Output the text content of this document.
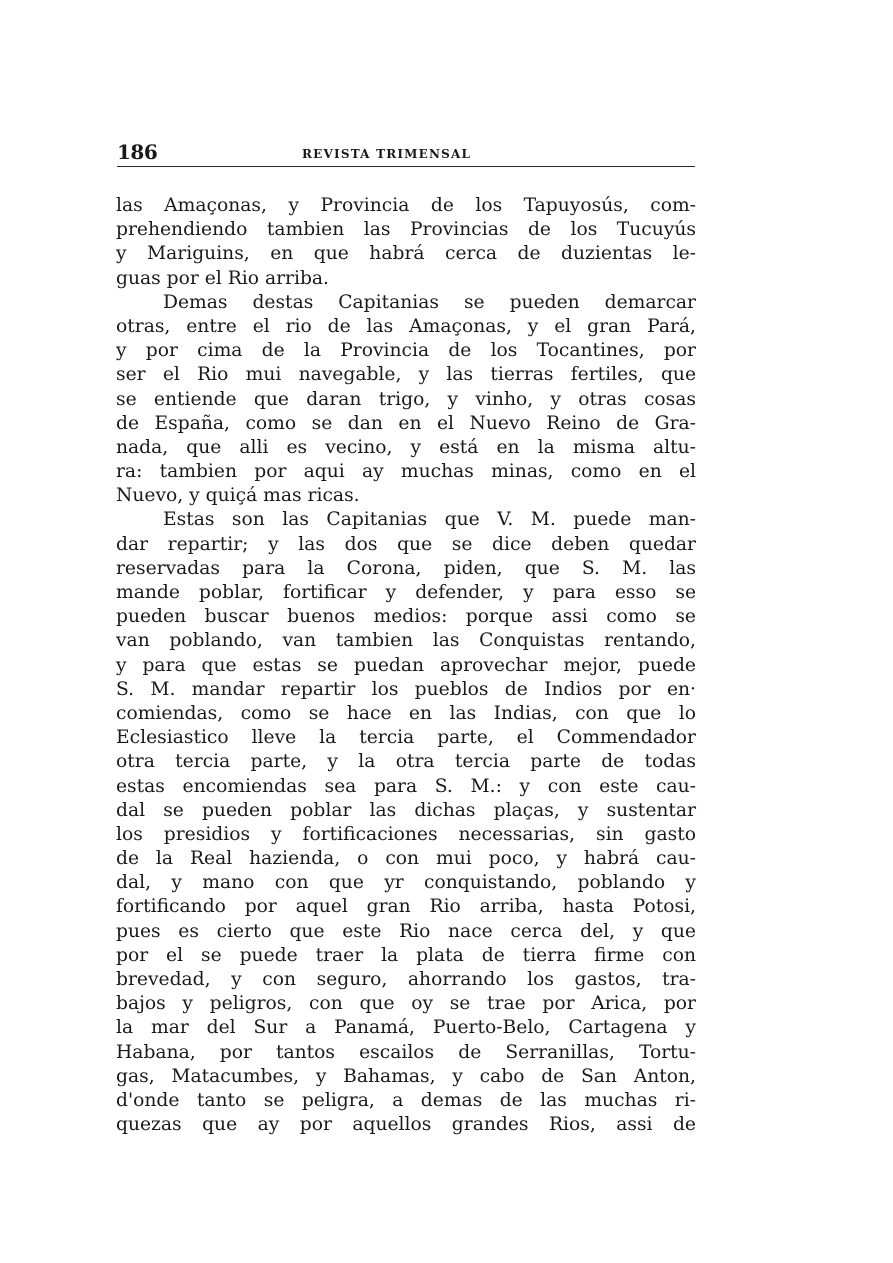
186	REVISTA TRIMENSAL
las Amaçonas, y Provincia de los Tapuyosús, com-
prehendiendo tambien las Provincias de los Tucuyús
y Mariguins, en que habrá cerca de duzientas le-
guas por el Rio arriba.
Demas destas Capitanias se pueden demarcar
otras, entre el rio de las Amaçonas, y el gran Pará,
y por cima de la Provincia de los Tocantines, por
ser el Rio mui navegable, y las tierras fertiles, que
se entiende que daran trigo, y vinho, y otras cosas
de España, como se dan en el Nuevo Reino de Gra-
nada, que alli es vecino, y está en la misma altu-
ra: tambien por aqui ay muchas minas, como en el
Nuevo, y quiçá mas ricas.
Estas son las Capitanias que V. M. puede man-
dar repartir; y las dos que se dice deben quedar
reservadas para la Corona, piden, que S. M. las
mande poblar, fortificar y defender, y para esso se
pueden buscar buenos medios: porque assi como se
van poblando, van tambien las Conquistas rentando,
y para que estas se puedan aprovechar mejor, puede
S. M. mandar repartir los pueblos de Indios por en·
comiendas, como se hace en las Indias, con que lo
Eclesiastico lleve la tercia parte, el Commendador
otra tercia parte, y la otra tercia parte de todas
estas encomiendas sea para S. M.: y con este cau-
dal se pueden poblar las dichas plaças, y sustentar
los presidios y fortificaciones necessarias, sin gasto
de la Real hazienda, o con mui poco, y habrá cau-
dal, y mano con que yr conquistando, poblando y
fortificando por aquel gran Rio arriba, hasta Potosi,
pues es cierto que este Rio nace cerca del, y que
por el se puede traer la plata de tierra firme con
brevedad, y con seguro, ahorrando los gastos, tra-
bajos y peligros, con que oy se trae por Arica, por
la mar del Sur a Panamá, Puerto-Belo, Cartagena y
Habana, por tantos escailos de Serranillas, Tortu-
gas, Matacumbes, y Bahamas, y cabo de San Anton,
d'onde tanto se peligra, a demas de las muchas ri-
quezas que ay por aquellos grandes Rios, assi de
